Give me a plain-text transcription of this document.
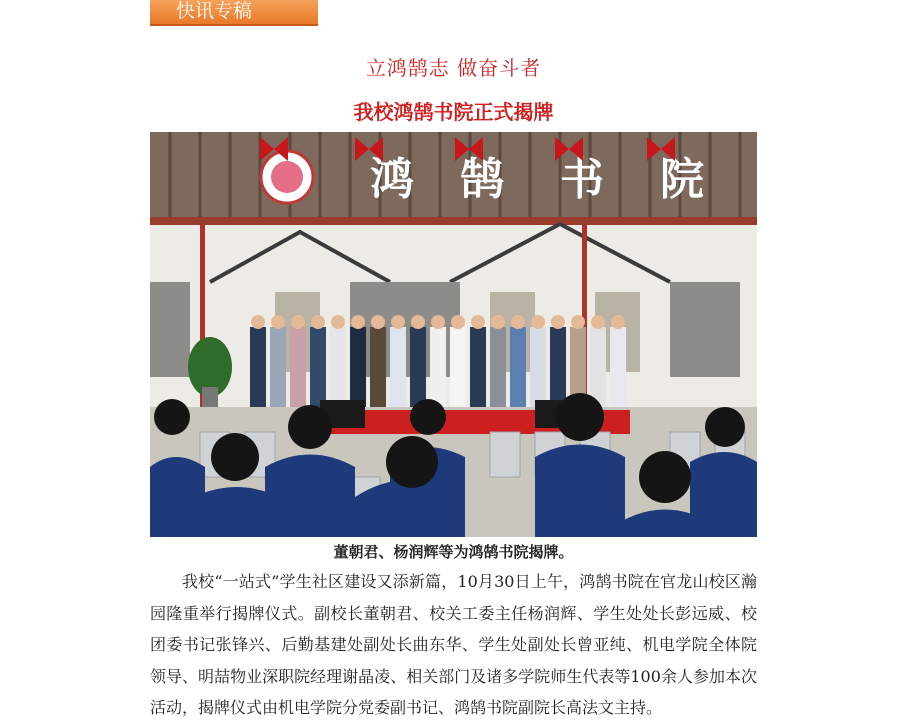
快讯专稿
立鸿鹄志 做奋斗者
我校鸿鹄书院正式揭牌
鸿 鹄 书 院
董朝君、杨润辉等为鸿鹄书院揭牌。

我校“一站式”学生社区建设又添新篇，10月30日上午，鸿鹄书院在官龙山校区瀚园隆重举行揭牌仪式。副校长董朝君、校关工委主任杨润辉、学生处处长彭远威、校团委书记张锋兴、后勤基建处副处长曲东华、学生处副处长曾亚纯、机电学院全体院领导、明喆物业深职院经理谢晶凌、相关部门及诸多学院师生代表等100余人参加本次活动，揭牌仪式由机电学院分党委副书记、鸿鹄书院副院长高法文主持。
